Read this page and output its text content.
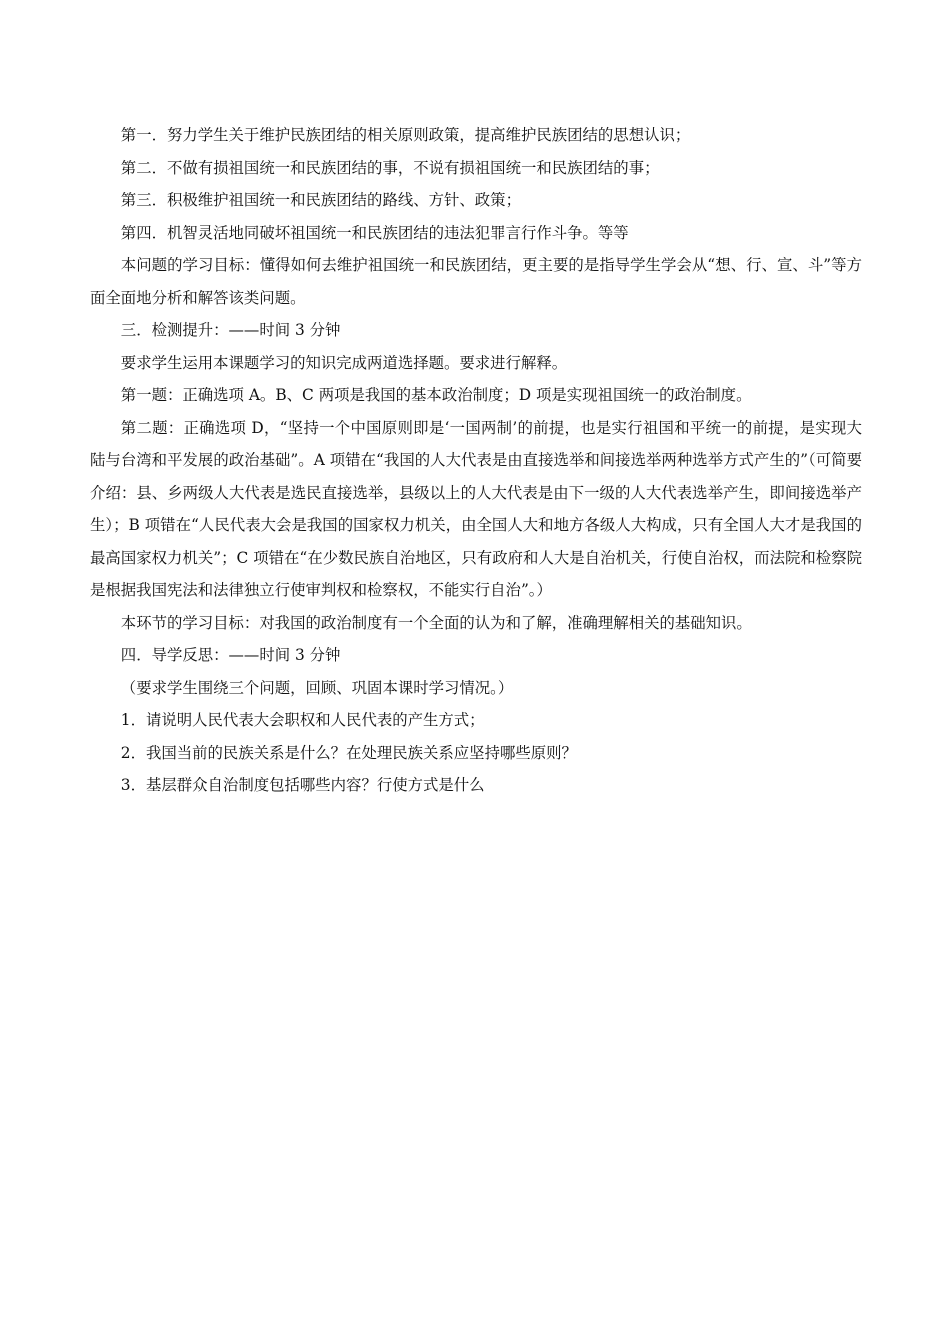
第一．努力学生关于维护民族团结的相关原则政策，提高维护民族团结的思想认识；

第二．不做有损祖国统一和民族团结的事，不说有损祖国统一和民族团结的事；

第三．积极维护祖国统一和民族团结的路线、方针、政策；

第四．机智灵活地同破坏祖国统一和民族团结的违法犯罪言行作斗争。等等

本问题的学习目标：懂得如何去维护祖国统一和民族团结，更主要的是指导学生学会从“想、行、宣、斗”等方面全面地分析和解答该类问题。

三．检测提升：——时间 3 分钟

要求学生运用本课题学习的知识完成两道选择题。要求进行解释。

第一题：正确选项 A。B、C 两项是我国的基本政治制度；D 项是实现祖国统一的政治制度。

第二题：正确选项 D，“坚持一个中国原则即是‘一国两制’的前提，也是实行祖国和平统一的前提，是实现大陆与台湾和平发展的政治基础”。A 项错在“我国的人大代表是由直接选举和间接选举两种选举方式产生的”（可简要介绍：县、乡两级人大代表是选民直接选举，县级以上的人大代表是由下一级的人大代表选举产生，即间接选举产生）；B 项错在“人民代表大会是我国的国家权力机关，由全国人大和地方各级人大构成，只有全国人大才是我国的最高国家权力机关”；C 项错在“在少数民族自治地区，只有政府和人大是自治机关，行使自治权，而法院和检察院是根据我国宪法和法律独立行使审判权和检察权，不能实行自治”。）

本环节的学习目标：对我国的政治制度有一个全面的认为和了解，准确理解相关的基础知识。

四．导学反思：——时间 3 分钟

（要求学生围绕三个问题，回顾、巩固本课时学习情况。）

1．请说明人民代表大会职权和人民代表的产生方式；

2．我国当前的民族关系是什么？在处理民族关系应坚持哪些原则？

3．基层群众自治制度包括哪些内容？行使方式是什么
